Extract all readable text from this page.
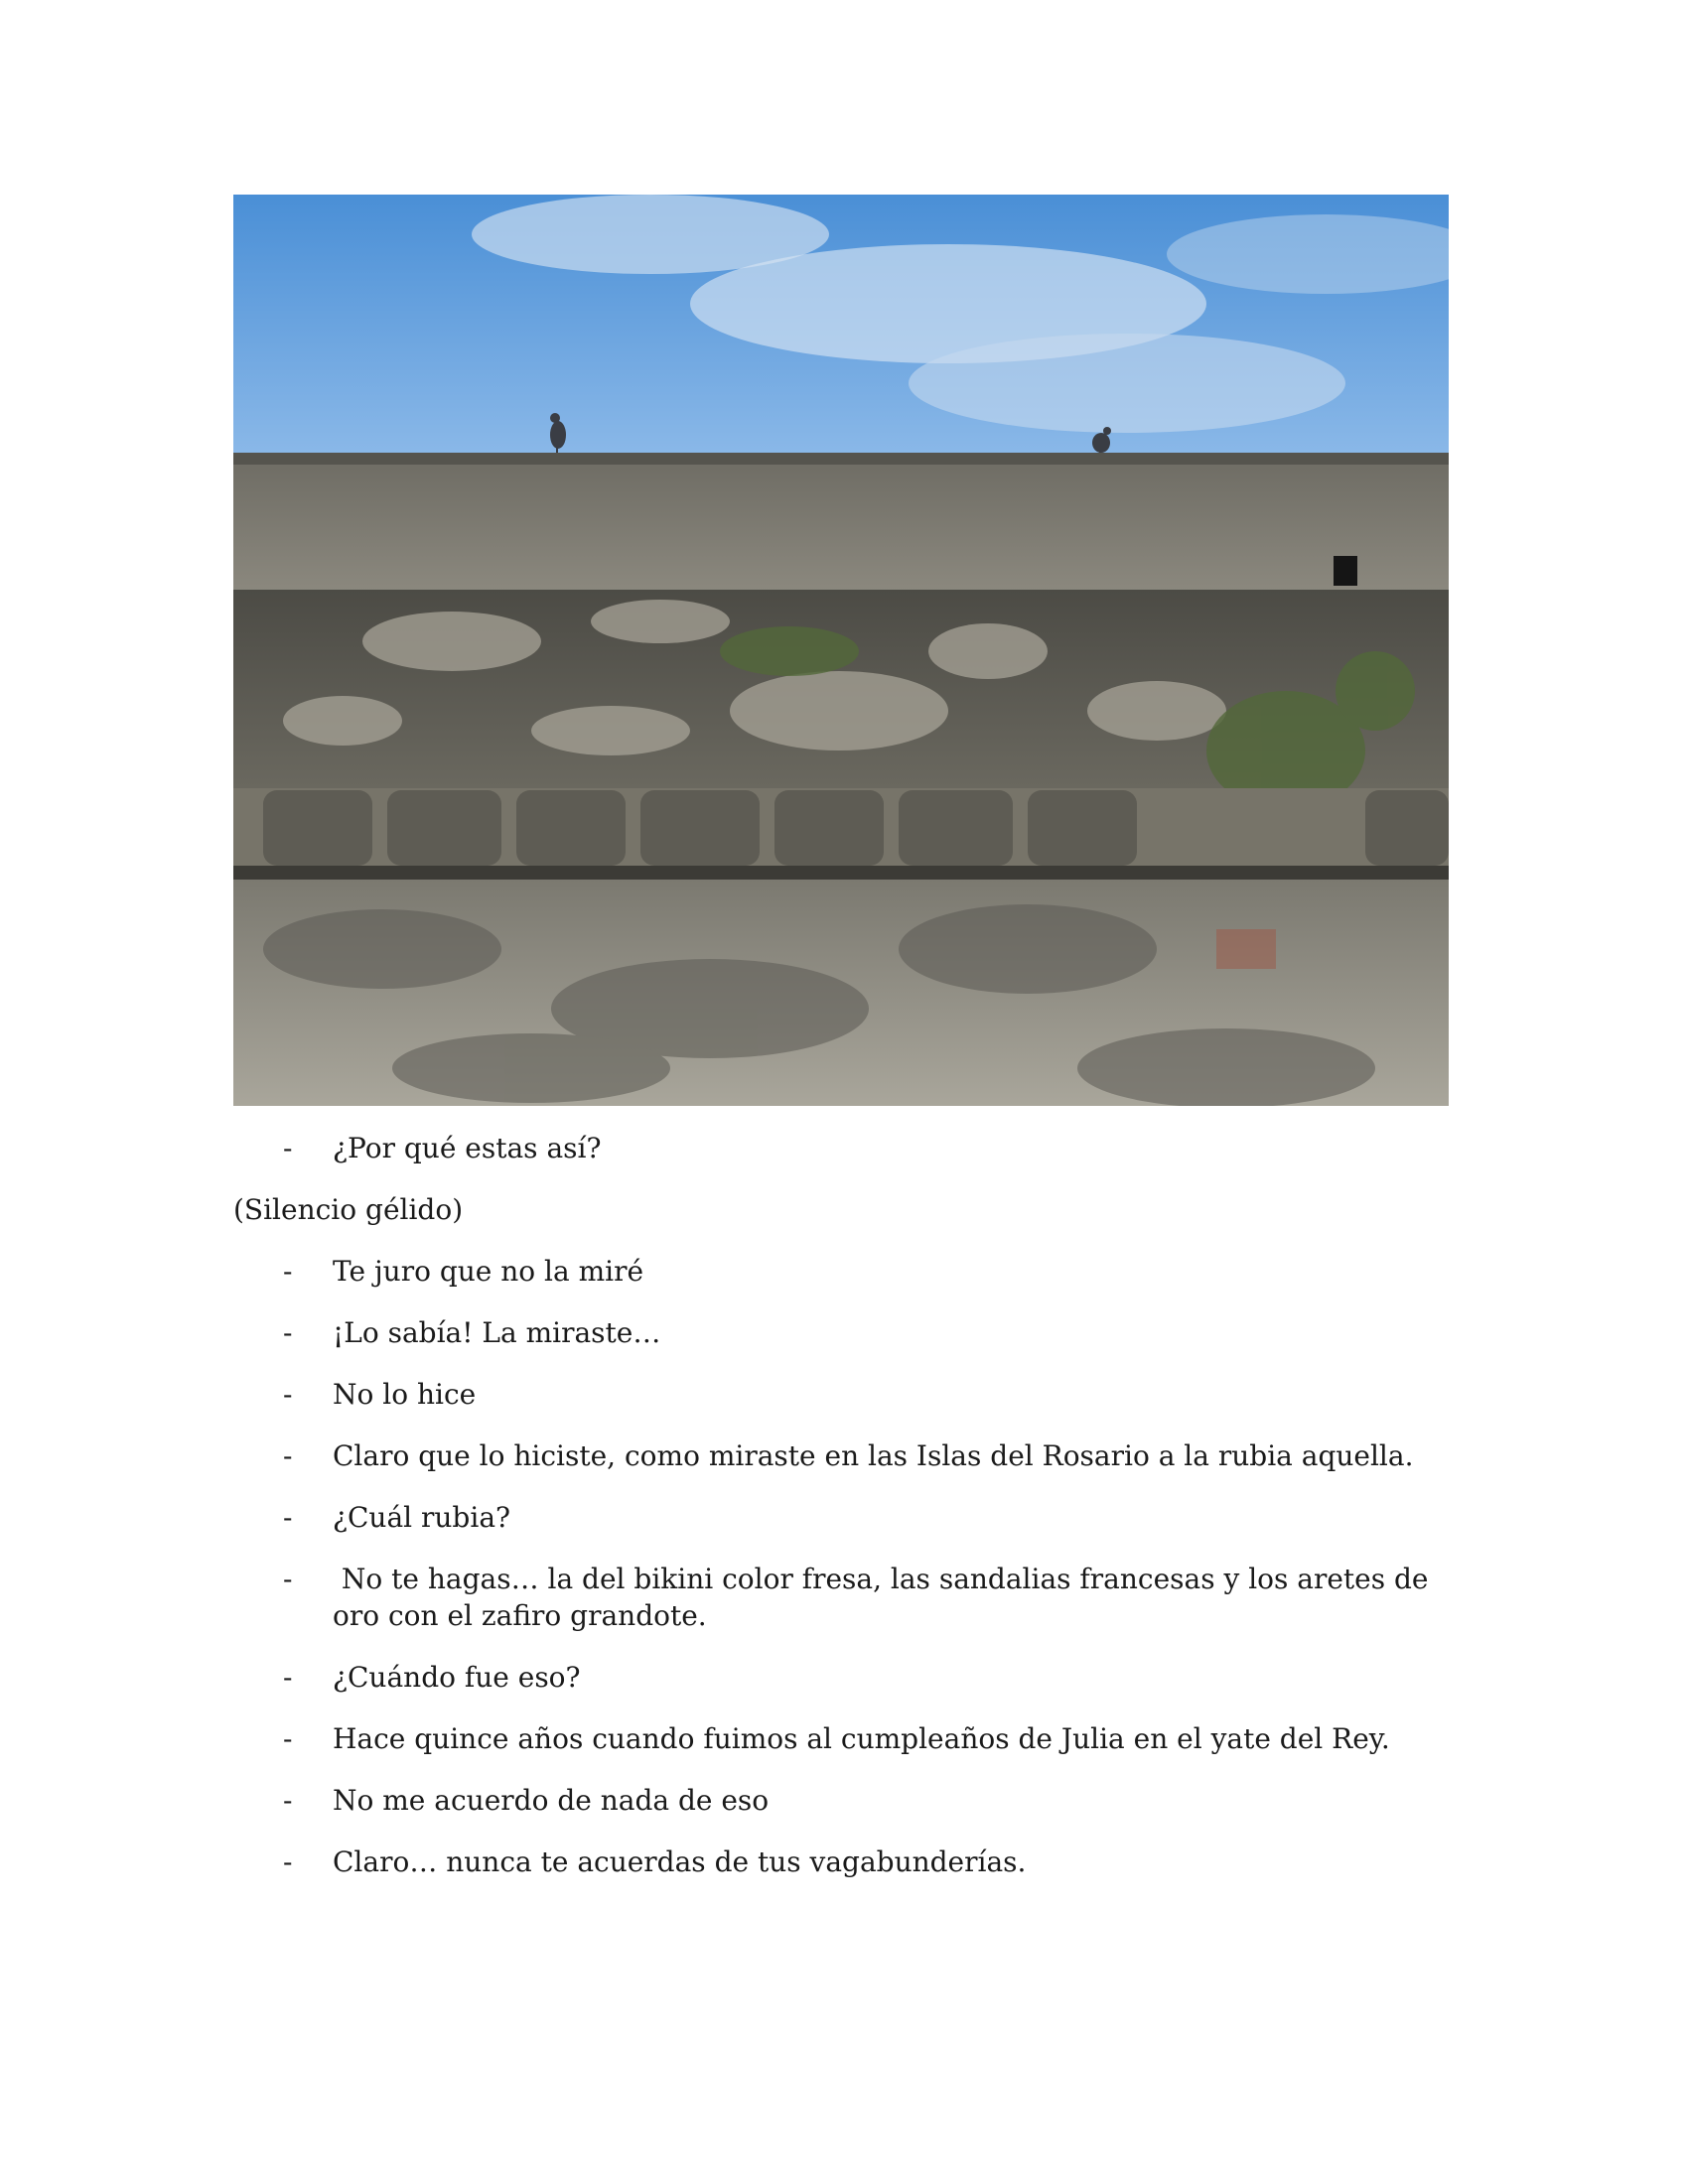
- ¿Por qué estas así?

(Silencio gélido)

- Te juro que no la miré

- ¡Lo sabía! La miraste…

- No lo hice

- Claro que lo hiciste, como miraste en las Islas del Rosario a la rubia aquella.

- ¿Cuál rubia?

- No te hagas… la del bikini color fresa, las sandalias francesas y los aretes de oro con el zafiro grandote.

- ¿Cuándo fue eso?

- Hace quince años cuando fuimos al cumpleaños de Julia en el yate del Rey.

- No me acuerdo de nada de eso

- Claro… nunca te acuerdas de tus vagabunderías.
